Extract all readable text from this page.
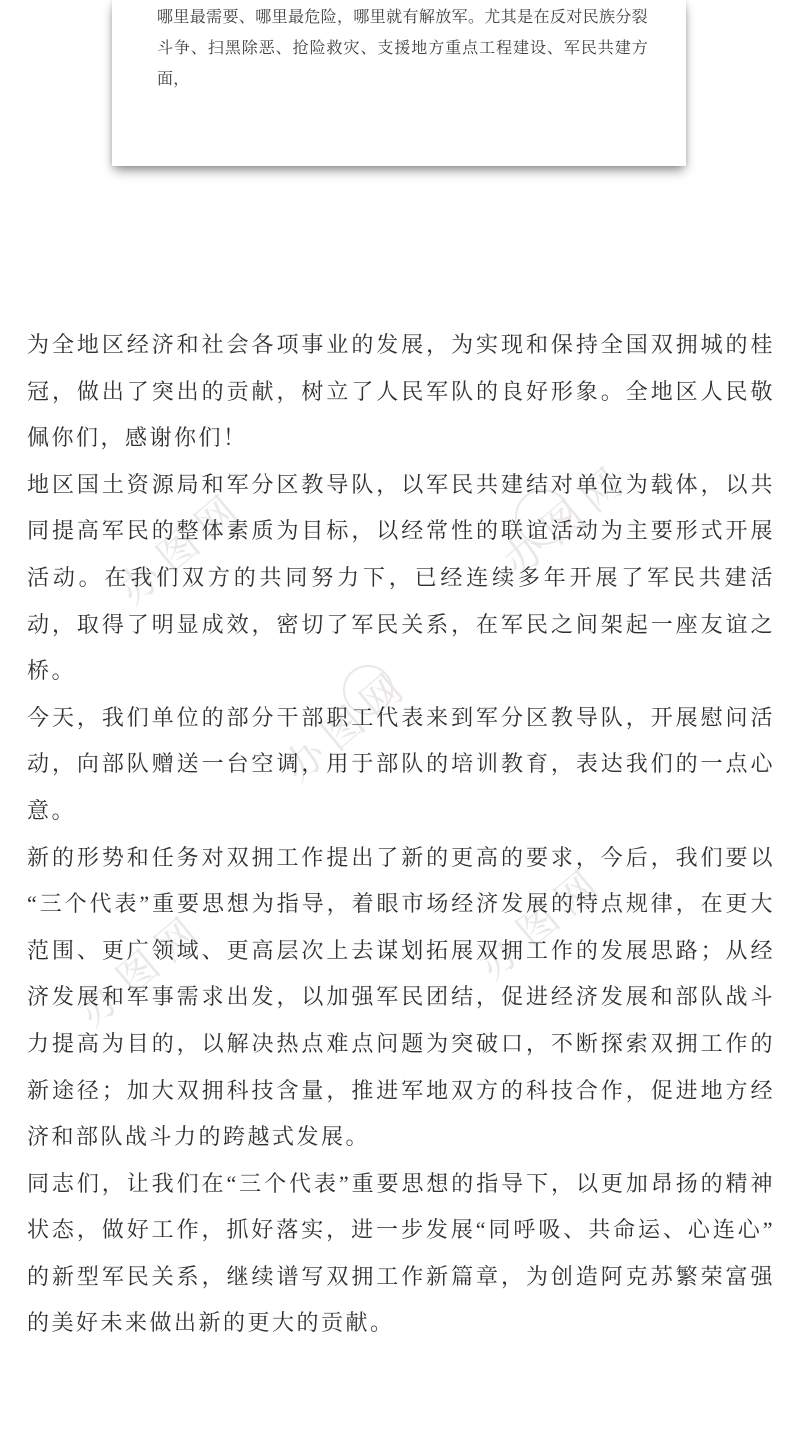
办图网	办图网
办图网
办图网	办图网

哪里最需要、哪里最危险，哪里就有解放军。尤其是在反对民族分裂斗争、扫黑除恶、抢险救灾、支援地方重点工程建设、军民共建方面，

为全地区经济和社会各项事业的发展，为实现和保持全国双拥城的桂冠，做出了突出的贡献，树立了人民军队的良好形象。全地区人民敬佩你们，感谢你们！

地区国土资源局和军分区教导队，以军民共建结对单位为载体，以共同提高军民的整体素质为目标，以经常性的联谊活动为主要形式开展活动。在我们双方的共同努力下，已经连续多年开展了军民共建活动，取得了明显成效，密切了军民关系，在军民之间架起一座友谊之桥。

今天，我们单位的部分干部职工代表来到军分区教导队，开展慰问活动，向部队赠送一台空调，用于部队的培训教育，表达我们的一点心意。

新的形势和任务对双拥工作提出了新的更高的要求，今后，我们要以“三个代表”重要思想为指导，着眼市场经济发展的特点规律，在更大范围、更广领域、更高层次上去谋划拓展双拥工作的发展思路；从经济发展和军事需求出发，以加强军民团结，促进经济发展和部队战斗力提高为目的，以解决热点难点问题为突破口，不断探索双拥工作的新途径；加大双拥科技含量，推进军地双方的科技合作，促进地方经济和部队战斗力的跨越式发展。

同志们，让我们在“三个代表”重要思想的指导下，以更加昂扬的精神状态，做好工作，抓好落实，进一步发展“同呼吸、共命运、心连心”的新型军民关系，继续谱写双拥工作新篇章，为创造阿克苏繁荣富强的美好未来做出新的更大的贡献。
